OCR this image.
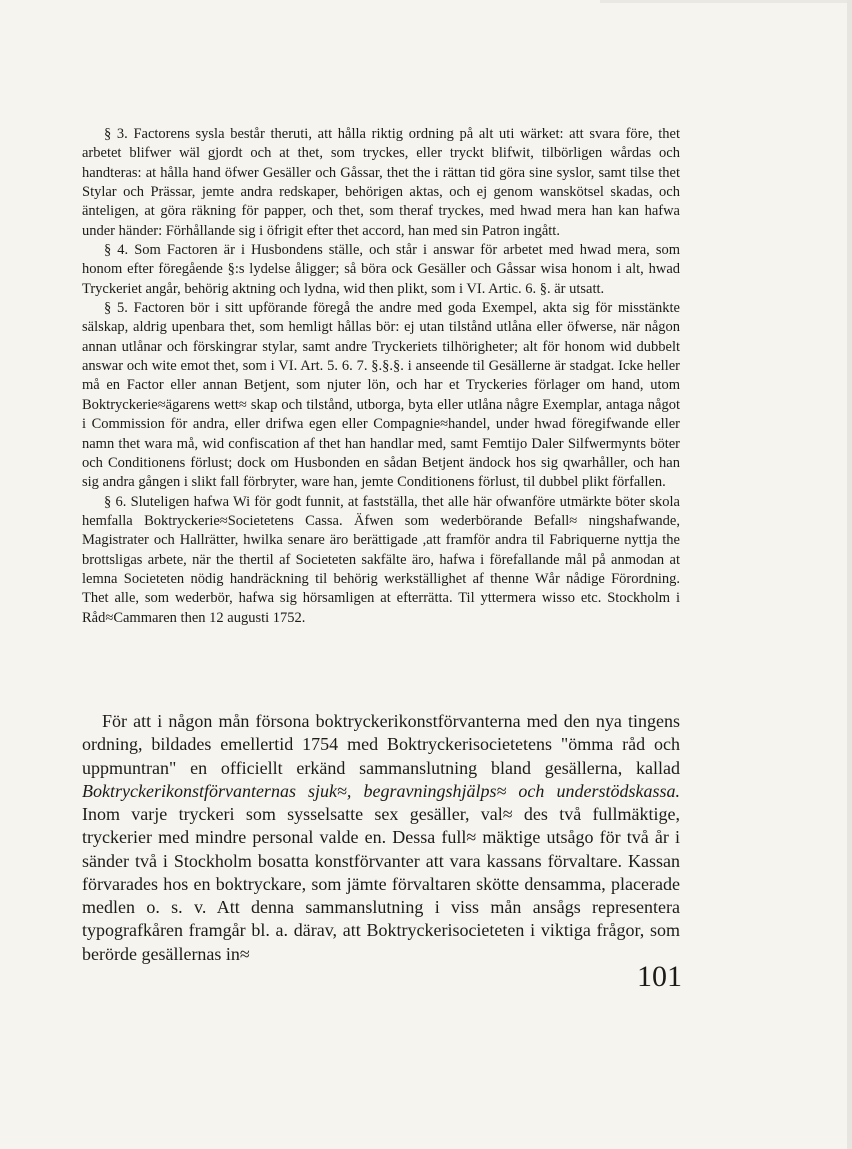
§ 3. Factorens sysla består theruti, att hålla riktig ordning på alt uti wärket: att svara före, thet arbetet blifwer wäl gjordt och at thet, som tryckes, eller tryckt blifwit, tilbörligen wårdas och handteras: at hålla hand öfwer Gesäller och Gåssar, thet the i rättan tid göra sine syslor, samt tilse thet Stylar och Prässar, jemte andra redskaper, behörigen aktas, och ej genom wanskötsel skadas, och änteligen, at göra räkning för papper, och thet, som theraf tryckes, med hwad mera han kan hafwa under händer: Förhållande sig i öfrigit efter thet accord, han med sin Patron ingått.

§ 4. Som Factoren är i Husbondens ställe, och står i answar för arbetet med hwad mera, som honom efter föregående §:s lydelse åligger; så böra ock Gesäller och Gåssar wisa honom i alt, hwad Tryckeriet angår, behörig aktning och lydna, wid then plikt, som i VI. Artic. 6. §. är utsatt.

§ 5. Factoren bör i sitt upförande föregå the andre med goda Exempel, akta sig för misstänkte sälskap, aldrig upenbara thet, som hemligt hållas bör: ej utan tilstånd utlåna eller öfwerse, när någon annan utlånar och förskingrar stylar, samt andre Tryckeriets tilhörigheter; alt för honom wid dubbelt answar och wite emot thet, som i VI. Art. 5. 6. 7. §.§.§. i anseende til Gesällerne är stadgat. Icke heller må en Factor eller annan Betjent, som njuter lön, och har et Tryckeries förlager om hand, utom Boktryckerie≈ägarens wett≈ skap och tilstånd, utborga, byta eller utlåna någre Exemplar, antaga något i Commission för andra, eller drifwa egen eller Compagnie≈handel, under hwad föregifwande eller namn thet wara må, wid confiscation af thet han handlar med, samt Femtijo Daler Silfwermynts böter och Conditionens förlust; dock om Husbonden en sådan Betjent ändock hos sig qwarhåller, och han sig andra gången i slikt fall förbryter, ware han, jemte Conditionens förlust, til dubbel plikt förfallen.

§ 6. Sluteligen hafwa Wi för godt funnit, at fastställa, thet alle här ofwanföre utmärkte böter skola hemfalla Boktryckerie≈Societetens Cassa. Äfwen som wederbörande Befall≈ ningshafwande, Magistrater och Hallrätter, hwilka senare äro berättigade ,att framför andra til Fabriquerne nyttja the brottsligas arbete, när the thertil af Societeten sakfälte äro, hafwa i förefallande mål på anmodan at lemna Societeten nödig handräckning til behörig werkställighet af thenne Wår nådige Förordning. Thet alle, som wederbör, hafwa sig hörsamligen at efterrätta. Til yttermera wisso etc. Stockholm i Råd≈Cammaren then 12 augusti 1752.

För att i någon mån försona boktryckerikonstförvanterna med den nya tingens ordning, bildades emellertid 1754 med Boktryckerisocietetens "ömma råd och uppmuntran" en officiellt erkänd sammanslutning bland gesällerna, kallad Boktryckerikonstförvanternas sjuk≈, begravningshjälps≈ och understödskassa. Inom varje tryckeri som sysselsatte sex gesäller, val≈ des två fullmäktige, tryckerier med mindre personal valde en. Dessa full≈ mäktige utsågo för två år i sänder två i Stockholm bosatta konstförvanter att vara kassans förvaltare. Kassan förvarades hos en boktryckare, som jämte förvaltaren skötte densamma, placerade medlen o. s. v. Att denna sammanslutning i viss mån ansågs representera typografkåren framgår bl. a. därav, att Boktryckerisocieteten i viktiga frågor, som berörde gesällernas in≈

101
